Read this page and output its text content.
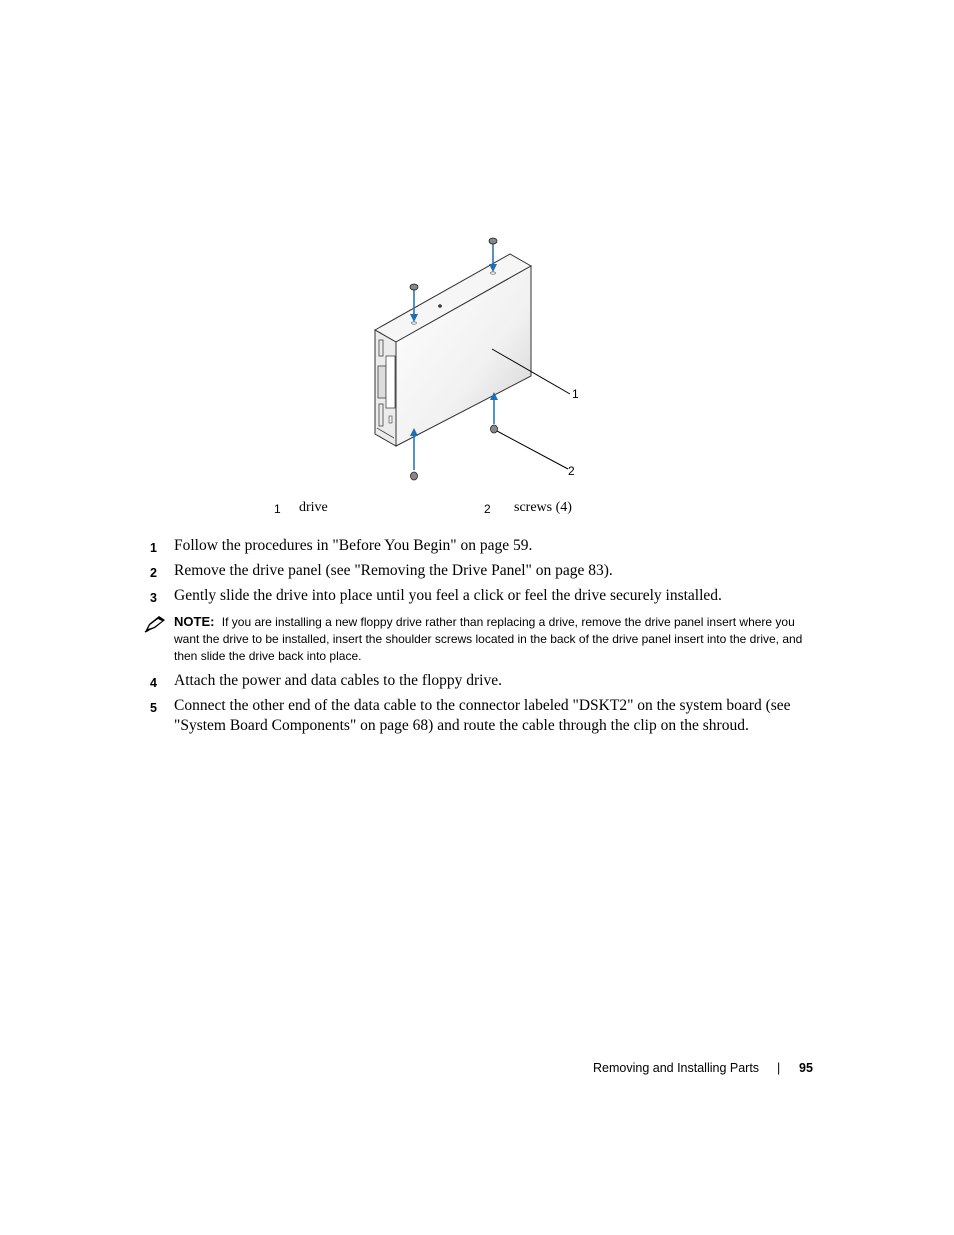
1
2
1 drive	2 screws (4)
1 Follow the procedures in "Before You Begin" on page 59.
2 Remove the drive panel (see "Removing the Drive Panel" on page 83).
3 Gently slide the drive into place until you feel a click or feel the drive securely installed.
NOTE: If you are installing a new floppy drive rather than replacing a drive, remove the drive panel insert where you want the drive to be installed, insert the shoulder screws located in the back of the drive panel insert into the drive, and then slide the drive back into place.
4 Attach the power and data cables to the floppy drive.
5 Connect the other end of the data cable to the connector labeled "DSKT2" on the system board (see "System Board Components" on page 68) and route the cable through the clip on the shroud.
Removing and Installing Parts | 95
